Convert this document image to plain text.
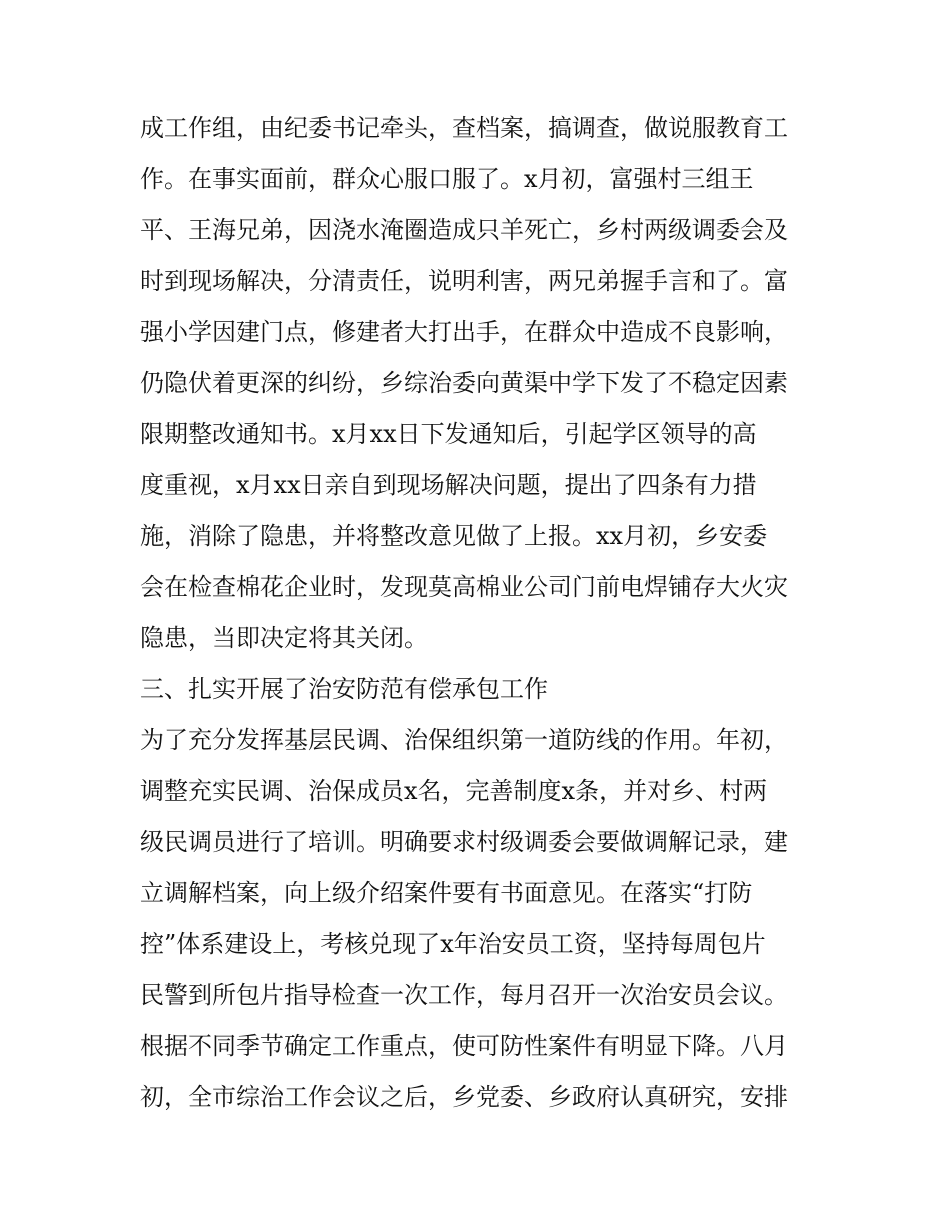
成工作组，由纪委书记牵头，查档案，搞调查，做说服教育工
作。在事实面前，群众心服口服了。x月初，富强村三组王
平、王海兄弟，因浇水淹圈造成只羊死亡，乡村两级调委会及
时到现场解决，分清责任，说明利害，两兄弟握手言和了。富
强小学因建门点，修建者大打出手，在群众中造成不良影响，
仍隐伏着更深的纠纷，乡综治委向黄渠中学下发了不稳定因素
限期整改通知书。x月xx日下发通知后，引起学区领导的高
度重视，x月xx日亲自到现场解决问题，提出了四条有力措
施，消除了隐患，并将整改意见做了上报。xx月初，乡安委
会在检查棉花企业时，发现莫高棉业公司门前电焊铺存大火灾
隐患，当即决定将其关闭。
三、扎实开展了治安防范有偿承包工作
为了充分发挥基层民调、治保组织第一道防线的作用。年初，
调整充实民调、治保成员x名，完善制度x条，并对乡、村两
级民调员进行了培训。明确要求村级调委会要做调解记录，建
立调解档案，向上级介绍案件要有书面意见。在落实“打防
控”体系建设上，考核兑现了x年治安员工资，坚持每周包片
民警到所包片指导检查一次工作，每月召开一次治安员会议。
根据不同季节确定工作重点，使可防性案件有明显下降。八月
初，全市综治工作会议之后，乡党委、乡政府认真研究，安排
